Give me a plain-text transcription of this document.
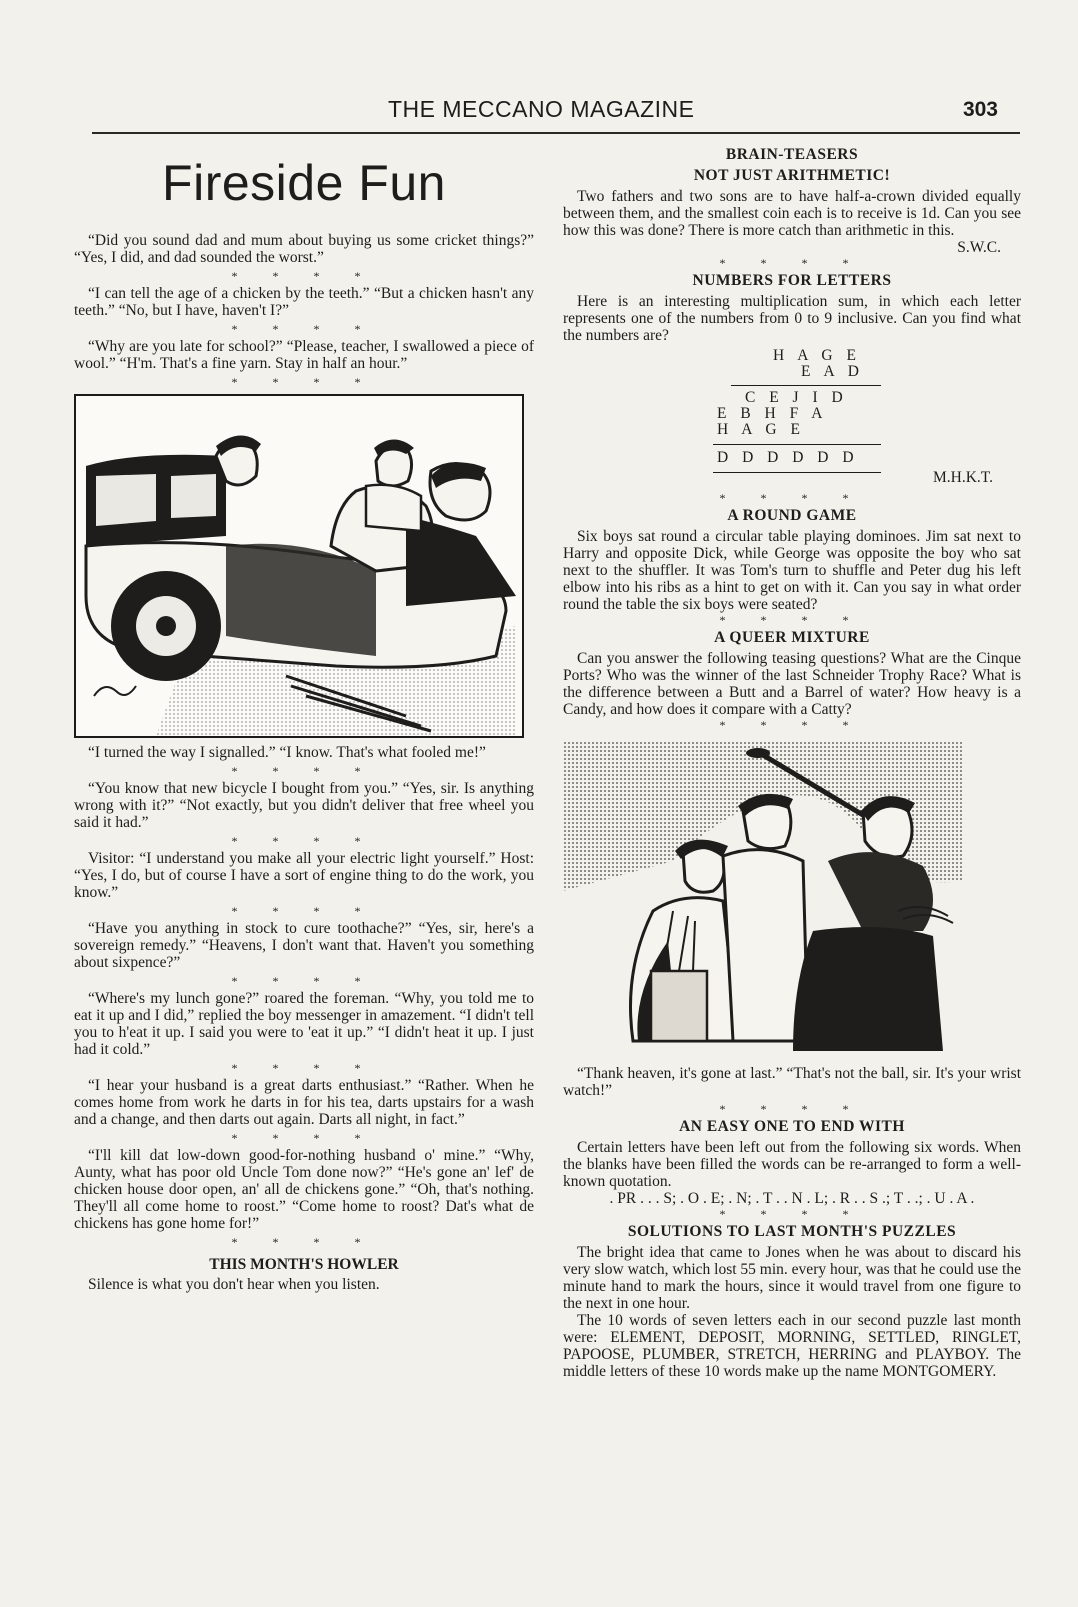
THE MECCANO MAGAZINE	303
Fireside Fun

“Did you sound dad and mum about buying us some cricket things?” “Yes, I did, and dad sounded the worst.”

* * * *

“I can tell the age of a chicken by the teeth.” “But a chicken hasn't any teeth.” “No, but I have, haven't I?”

* * * *

“Why are you late for school?” “Please, teacher, I swallowed a piece of wool.” “H'm. That's a fine yarn. Stay in half an hour.”

* * * *

“I turned the way I signalled.” “I know. That's what fooled me!”

* * * *

“You know that new bicycle I bought from you.” “Yes, sir. Is anything wrong with it?” “Not exactly, but you didn't deliver that free wheel you said it had.”

* * * *

Visitor: “I understand you make all your electric light yourself.” Host: “Yes, I do, but of course I have a sort of engine thing to do the work, you know.”

* * * *

“Have you anything in stock to cure toothache?” “Yes, sir, here's a sovereign remedy.” “Heavens, I don't want that. Haven't you something about sixpence?”

* * * *

“Where's my lunch gone?” roared the foreman. “Why, you told me to eat it up and I did,” replied the boy messenger in amazement. “I didn't tell you to h'eat it up. I said you were to 'eat it up.” “I didn't heat it up. I just had it cold.”

* * * *

“I hear your husband is a great darts enthusiast.” “Rather. When he comes home from work he darts in for his tea, darts upstairs for a wash and a change, and then darts out again. Darts all night, in fact.”

* * * *

“I'll kill dat low-down good-for-nothing husband o' mine.” “Why, Aunty, what has poor old Uncle Tom done now?” “He's gone an' lef' de chicken house door open, an' all de chickens gone.” “Oh, that's nothing. They'll all come home to roost.” “Come home to roost? Dat's what de chickens has gone home for!”

* * * *
THIS MONTH'S HOWLER

Silence is what you don't hear when you listen.

BRAIN-TEASERS
NOT JUST ARITHMETIC!

Two fathers and two sons are to have half-a-crown divided equally between them, and the smallest coin each is to receive is 1d. Can you see how this was done? There is more catch than arithmetic in this.

S.W.C.
* * * *
NUMBERS FOR LETTERS

Here is an interesting multiplication sum, in which each letter represents one of the numbers from 0 to 9 inclusive. Can you find what the numbers are?

H A G E
E A D
C E J I D
E B H F A
H A G E
D D D D D D
M.H.K.T.
* * * *
A ROUND GAME

Six boys sat round a circular table playing dominoes. Jim sat next to Harry and opposite Dick, while George was opposite the boy who sat next to the shuffler. It was Tom's turn to shuffle and Peter dug his left elbow into his ribs as a hint to get on with it. Can you say in what order round the table the six boys were seated?

* * * *
A QUEER MIXTURE

Can you answer the following teasing questions? What are the Cinque Ports? Who was the winner of the last Schneider Trophy Race? What is the difference between a Butt and a Barrel of water? How heavy is a Candy, and how does it compare with a Catty?

* * * *

“Thank heaven, it's gone at last.” “That's not the ball, sir. It's your wrist watch!”

* * * *
AN EASY ONE TO END WITH

Certain letters have been left out from the following six words. When the blanks have been filled the words can be re-arranged to form a well-known quotation.

. PR . . . S; . O . E; . N; . T . . N . L; . R . . S .; T . .; . U . A .

* * * *
SOLUTIONS TO LAST MONTH'S PUZZLES

The bright idea that came to Jones when he was about to discard his very slow watch, which lost 55 min. every hour, was that he could use the minute hand to mark the hours, since it would travel from one figure to the next in one hour.

The 10 words of seven letters each in our second puzzle last month were: ELEMENT, DEPOSIT, MORNING, SETTLED, RINGLET, PAPOOSE, PLUMBER, STRETCH, HERRING and PLAYBOY. The middle letters of these 10 words make up the name MONTGOMERY.
